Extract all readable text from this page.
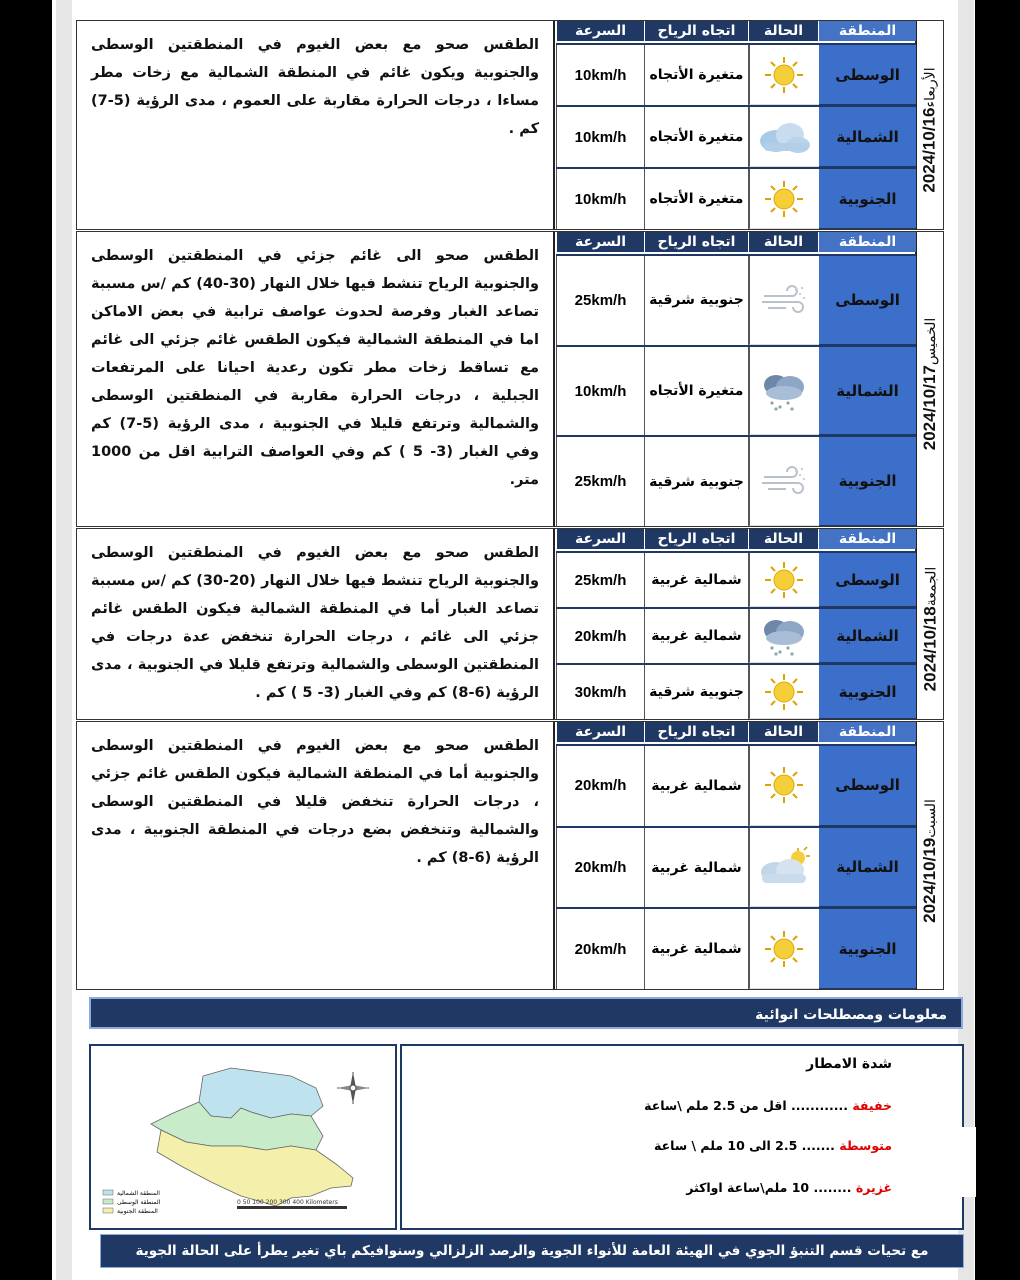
الأربعاء2024/10/16
المنطقة
الحالة
اتجاه الرياح
السرعة
الوسطى
متغيرة الأتجاه
10km/h
الشمالية
متغيرة الأتجاه
10km/h
الجنوبية
متغيرة الأتجاه
10km/h
الطقس صحو مع بعض الغيوم في المنطقتين الوسطى والجنوبية ويكون غائم في المنطقة الشمالية مع زخات مطر مساءا ، درجات الحرارة مقاربة على العموم ، مدى الرؤية (5-7) كم .
الخميس2024/10/17
المنطقة
الحالة
اتجاه الرياح
السرعة
الوسطى
جنوبية شرقية
25km/h
الشمالية
متغيرة الأتجاه
10km/h
الجنوبية
جنوبية شرقية
25km/h
الطقس صحو الى غائم جزئي في المنطقتين الوسطى والجنوبية الرياح تنشط فيها خلال النهار (30-40) كم /س مسببة تصاعد الغبار وفرصة لحدوث عواصف ترابية في بعض الاماكن اما في المنطقة الشمالية فيكون الطقس غائم جزئي الى غائم مع تساقط زخات مطر تكون رعدية احيانا على المرتفعات الجبلية ، درجات الحرارة مقاربة في المنطقتين الوسطى والشمالية وترتفع قليلا في الجنوبية ، مدى الرؤية (5-7) كم وفي الغبار (3- 5 ) كم وفي العواصف الترابية اقل من 1000 متر.
الجمعة2024/10/18
المنطقة
الحالة
اتجاه الرياح
السرعة
الوسطى
شمالية غربية
25km/h
الشمالية
شمالية غربية
20km/h
الجنوبية
جنوبية شرقية
30km/h
الطقس صحو مع بعض الغيوم في المنطقتين الوسطى والجنوبية الرياح تنشط فيها خلال النهار (20-30) كم /س مسببة تصاعد الغبار أما في المنطقة الشمالية فيكون الطقس غائم جزئي الى غائم ، درجات الحرارة تنخفض عدة درجات في المنطقتين الوسطى والشمالية وترتفع قليلا في الجنوبية ، مدى الرؤية (6-8) كم وفي الغبار (3- 5 ) كم .
السبت2024/10/19
المنطقة
الحالة
اتجاه الرياح
السرعة
الوسطى
شمالية غربية
20km/h
الشمالية
شمالية غربية
20km/h
الجنوبية
شمالية غربية
20km/h
الطقس صحو مع بعض الغيوم في المنطقتين الوسطى والجنوبية أما في المنطقة الشمالية فيكون الطقس غائم جزئي ، درجات الحرارة تنخفض قليلا في المنطقتين الوسطى والشمالية وتنخفض بضع درجات في المنطقة الجنوبية ، مدى الرؤية (6-8) كم .
معلومات ومصطلحات انوائية
0 50 100 200 300 400 Kilometers
المنطقة الشمالية
المنطقة الوسطى
المنطقة الجنوبية
شدة الامطار
خفيفة ............ اقل من 2.5 ملم \ساعة
متوسطة ....... 2.5 الى 10 ملم \ ساعة
غزيرة ........ 10 ملم\ساعة اواكثر
مع تحيات قسم التنبؤ الجوي في الهيئة العامة للأنواء الجوية والرصد الزلزالي وسنوافيكم باي تغير يطرأ على الحالة الجوية
